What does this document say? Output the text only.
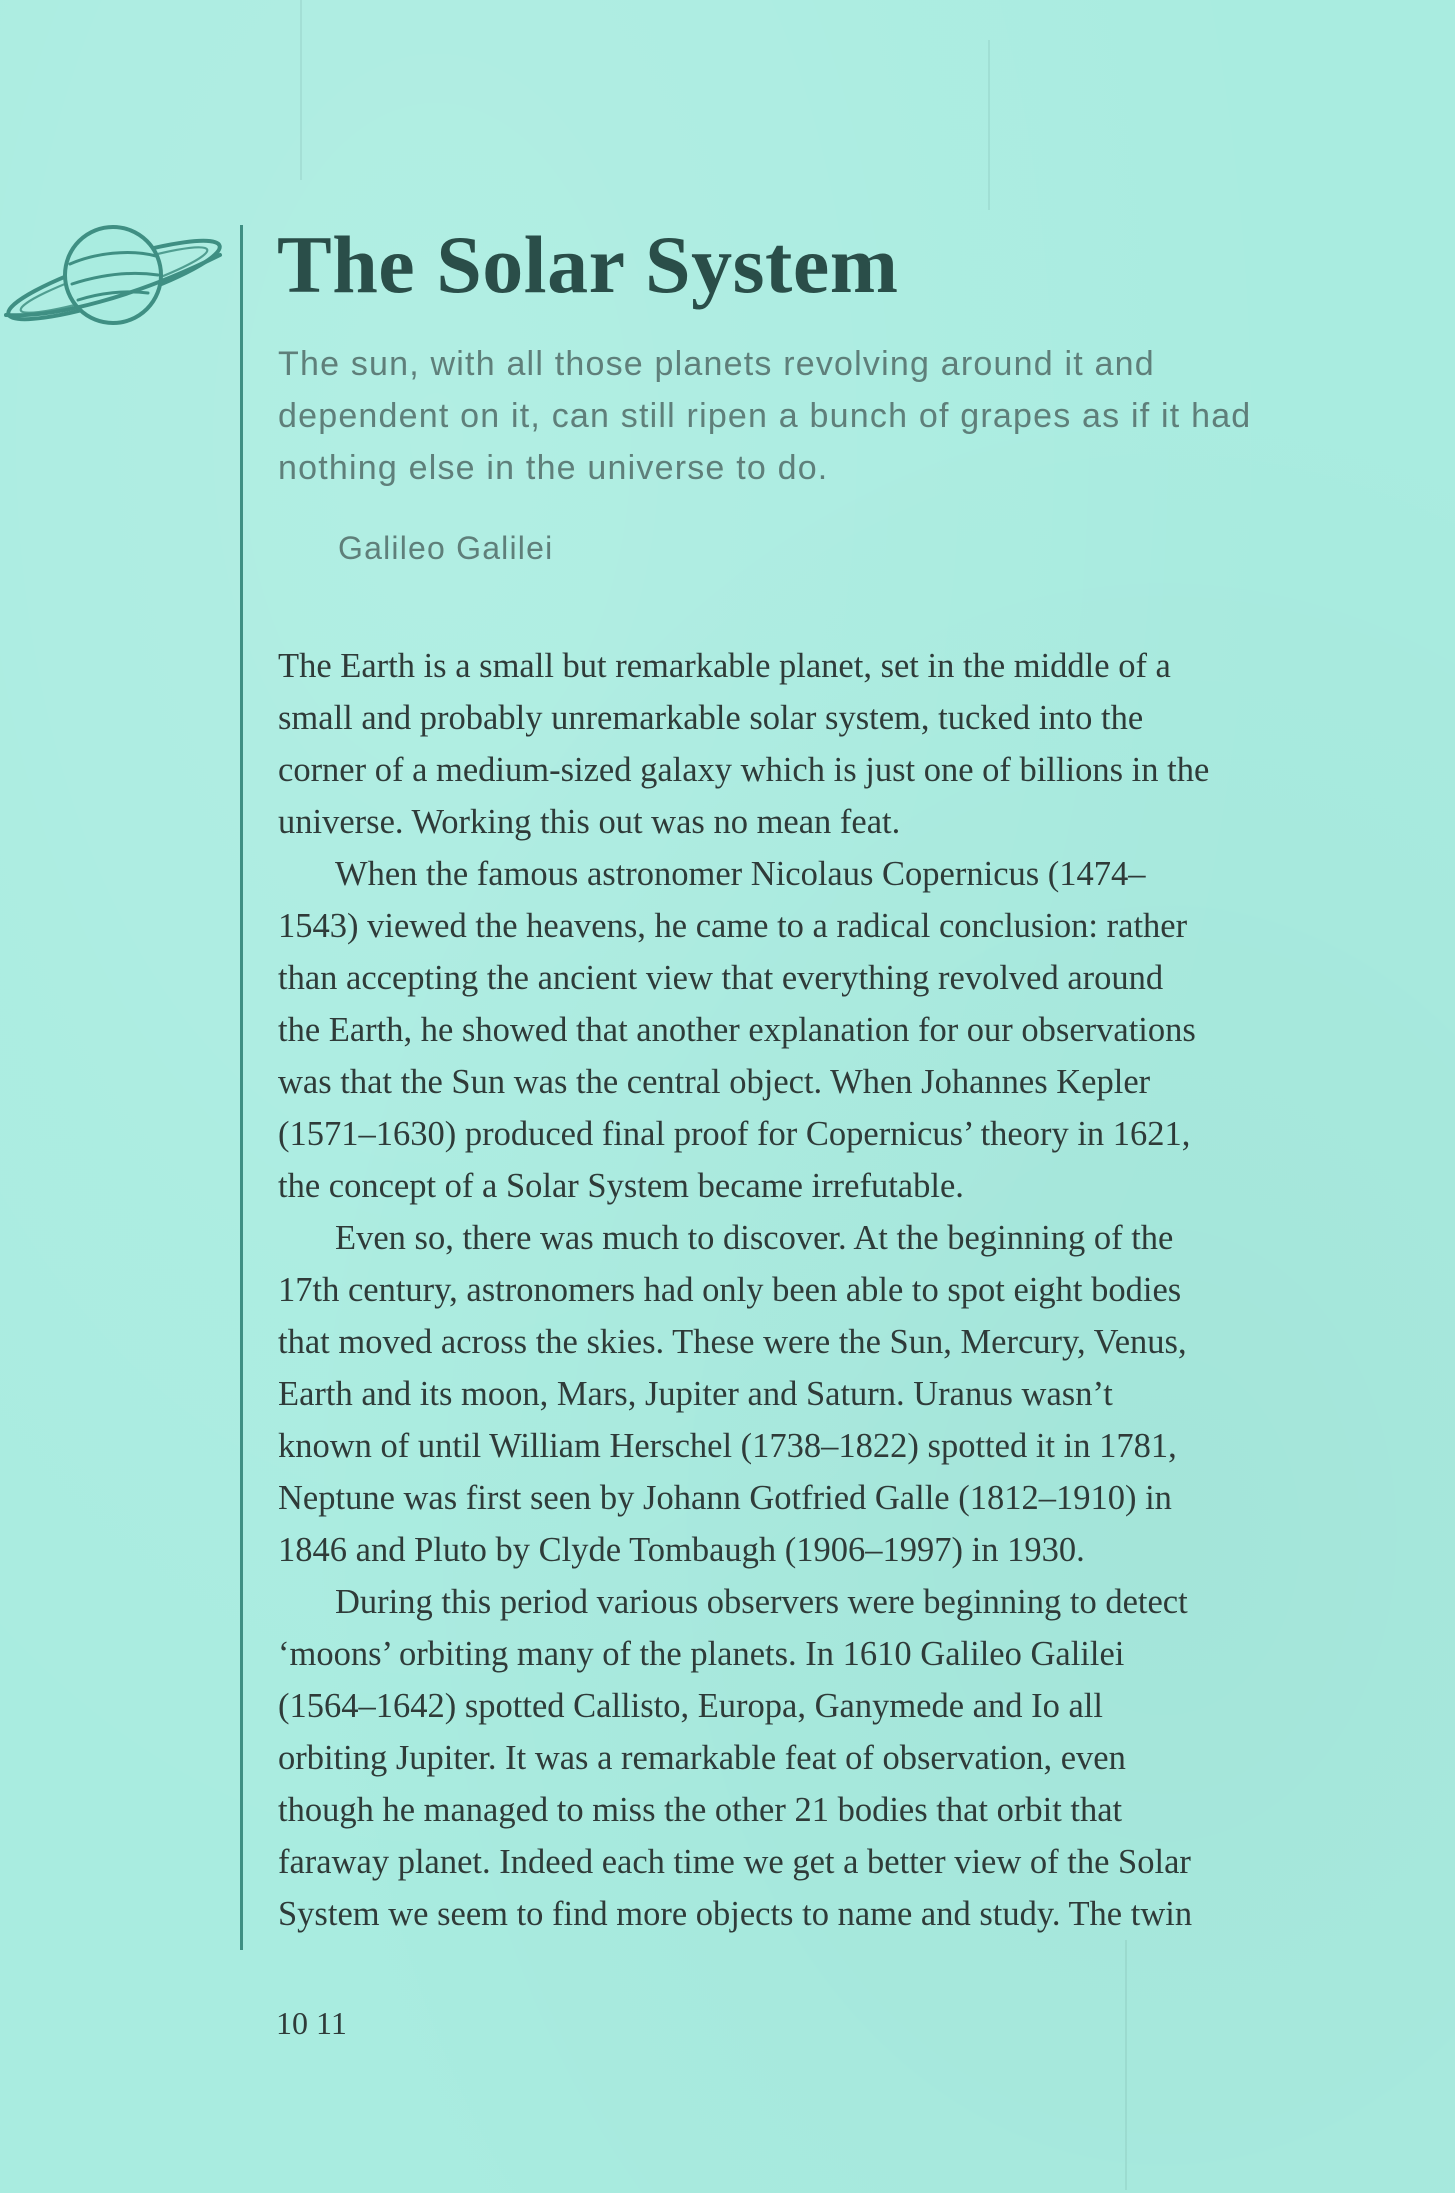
The Solar System

The sun, with all those planets revolving around it and
dependent on it, can still ripen a bunch of grapes as if it had
nothing else in the universe to do.

Galileo Galilei

The Earth is a small but remarkable planet, set in the middle of a
small and probably unremarkable solar system, tucked into the
corner of a medium-sized galaxy which is just one of billions in the
universe. Working this out was no mean feat.

When the famous astronomer Nicolaus Copernicus (1474–
1543) viewed the heavens, he came to a radical conclusion: rather
than accepting the ancient view that everything revolved around
the Earth, he showed that another explanation for our observations
was that the Sun was the central object. When Johannes Kepler
(1571–1630) produced final proof for Copernicus’ theory in 1621,
the concept of a Solar System became irrefutable.

Even so, there was much to discover. At the beginning of the
17th century, astronomers had only been able to spot eight bodies
that moved across the skies. These were the Sun, Mercury, Venus,
Earth and its moon, Mars, Jupiter and Saturn. Uranus wasn’t
known of until William Herschel (1738–1822) spotted it in 1781,
Neptune was first seen by Johann Gotfried Galle (1812–1910) in
1846 and Pluto by Clyde Tombaugh (1906–1997) in 1930.

During this period various observers were beginning to detect
‘moons’ orbiting many of the planets. In 1610 Galileo Galilei
(1564–1642) spotted Callisto, Europa, Ganymede and Io all
orbiting Jupiter. It was a remarkable feat of observation, even
though he managed to miss the other 21 bodies that orbit that
faraway planet. Indeed each time we get a better view of the Solar
System we seem to find more objects to name and study. The twin

10 11
